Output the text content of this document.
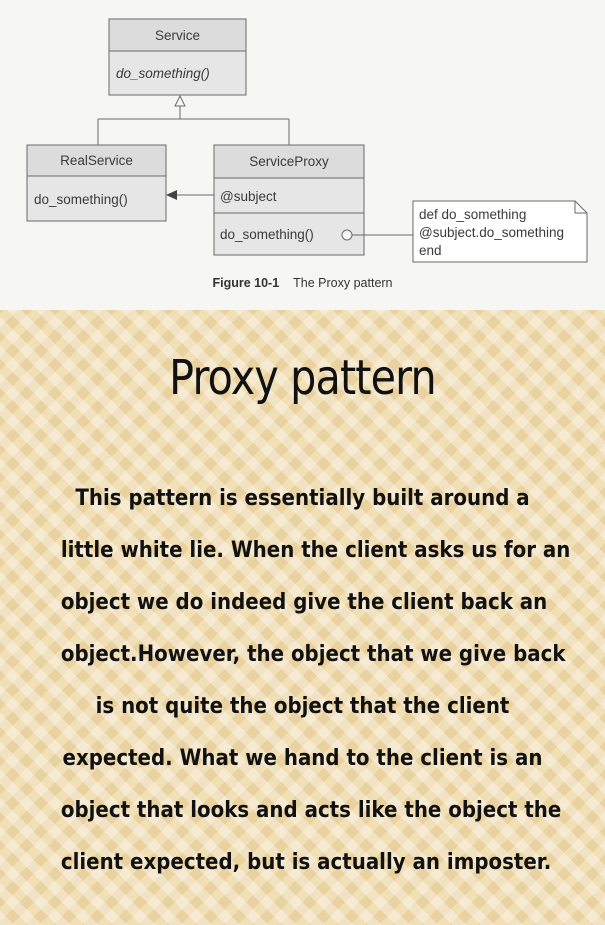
Service
do_something()
RealService
do_something()
ServiceProxy
@subject
do_something()
def do_something
@subject.do_something
end
Figure 10-1 The Proxy pattern
Proxy pattern
This pattern is essentially built around a
little white lie. When the client asks us for an
object we do indeed give the client back an
object.However, the object that we give back
is not quite the object that the client
expected. What we hand to the client is an
object that looks and acts like the object the
client expected, but is actually an imposter.
